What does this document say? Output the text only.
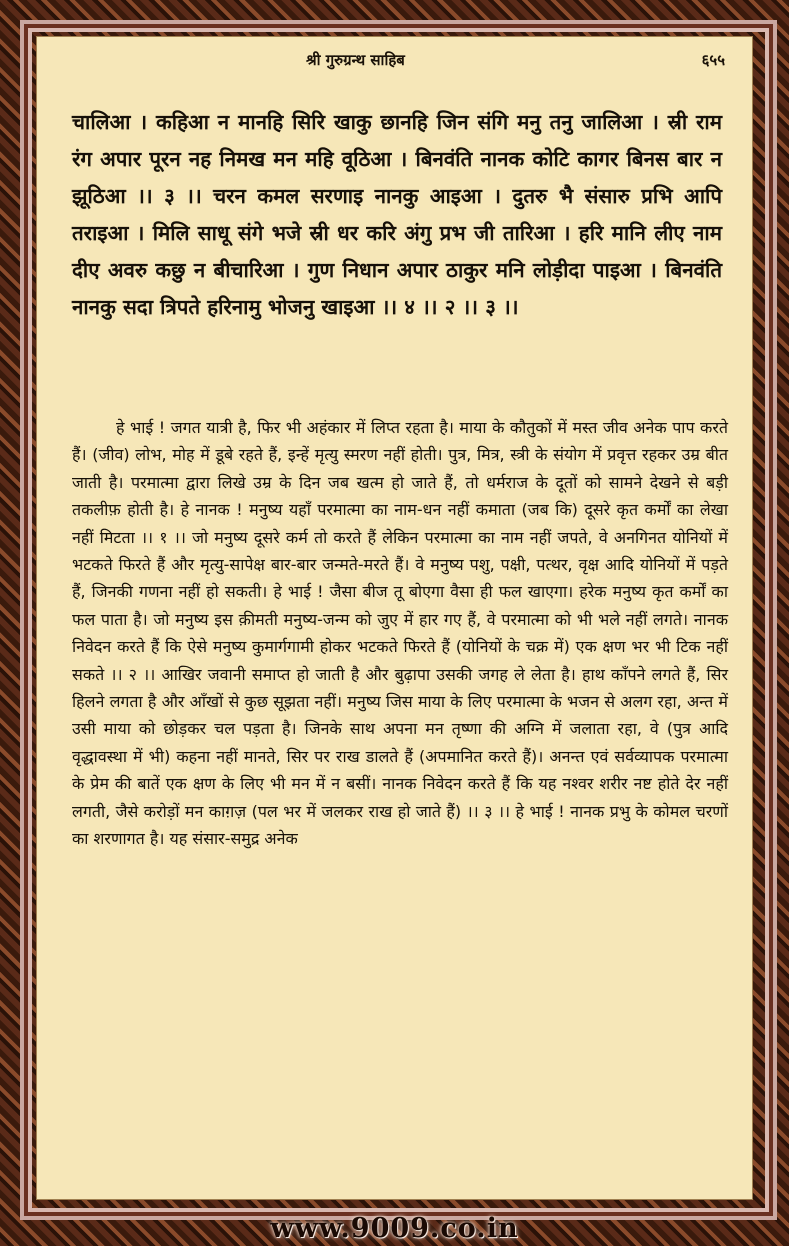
श्री गुरुग्रन्थ साहिब	६५५

चालिआ । कहिआ न मानहि सिरि खाकु छानहि जिन संगि मनु तनु जालिआ । स्री राम रंग अपार पूरन नह निमख मन महि वूठिआ । बिनवंति नानक कोटि कागर बिनस बार न झूठिआ ।। ३ ।। चरन कमल सरणाइ नानकु आइआ । दुतरु भै संसारु प्रभि आपि तराइआ । मिलि साधू संगे भजे स्री धर करि अंगु प्रभ जी तारिआ । हरि मानि लीए नाम दीए अवरु कछु न बीचारिआ । गुण निधान अपार ठाकुर मनि लोड़ीदा पाइआ । बिनवंति नानकु सदा त्रिपते हरिनामु भोजनु खाइआ ।। ४ ।। २ ।। ३ ।।

हे भाई ! जगत यात्री है, फिर भी अहंकार में लिप्त रहता है। माया के कौतुकों में मस्त जीव अनेक पाप करते हैं। (जीव) लोभ, मोह में डूबे रहते हैं, इन्हें मृत्यु स्मरण नहीं होती। पुत्र, मित्र, स्त्री के संयोग में प्रवृत्त रहकर उम्र बीत जाती है। परमात्मा द्वारा लिखे उम्र के दिन जब खत्म हो जाते हैं, तो धर्मराज के दूतों को सामने देखने से बड़ी तकलीफ़ होती है। हे नानक ! मनुष्य यहाँ परमात्मा का नाम-धन नहीं कमाता (जब कि) दूसरे कृत कर्मों का लेखा नहीं मिटता ।। १ ।। जो मनुष्य दूसरे कर्म तो करते हैं लेकिन परमात्मा का नाम नहीं जपते, वे अनगिनत योनियों में भटकते फिरते हैं और मृत्यु-सापेक्ष बार-बार जन्मते-मरते हैं। वे मनुष्य पशु, पक्षी, पत्थर, वृक्ष आदि योनियों में पड़ते हैं, जिनकी गणना नहीं हो सकती। हे भाई ! जैसा बीज तू बोएगा वैसा ही फल खाएगा। हरेक मनुष्य कृत कर्मों का फल पाता है। जो मनुष्य इस क़ीमती मनुष्य-जन्म को जुए में हार गए हैं, वे परमात्मा को भी भले नहीं लगते। नानक निवेदन करते हैं कि ऐसे मनुष्य कुमार्गगामी होकर भटकते फिरते हैं (योनियों के चक्र में) एक क्षण भर भी टिक नहीं सकते ।। २ ।। आखिर जवानी समाप्त हो जाती है और बुढ़ापा उसकी जगह ले लेता है। हाथ काँपने लगते हैं, सिर हिलने लगता है और आँखों से कुछ सूझता नहीं। मनुष्य जिस माया के लिए परमात्मा के भजन से अलग रहा, अन्त में उसी माया को छोड़कर चल पड़ता है। जिनके साथ अपना मन तृष्णा की अग्नि में जलाता रहा, वे (पुत्र आदि वृद्धावस्था में भी) कहना नहीं मानते, सिर पर राख डालते हैं (अपमानित करते हैं)। अनन्त एवं सर्वव्यापक परमात्मा के प्रेम की बातें एक क्षण के लिए भी मन में न बसीं। नानक निवेदन करते हैं कि यह नश्वर शरीर नष्ट होते देर नहीं लगती, जैसे करोड़ों मन काग़ज़ (पल भर में जलकर राख हो जाते हैं) ।। ३ ।। हे भाई ! नानक प्रभु के कोमल चरणों का शरणागत है। यह संसार-समुद्र अनेक

www.9009.co.in
